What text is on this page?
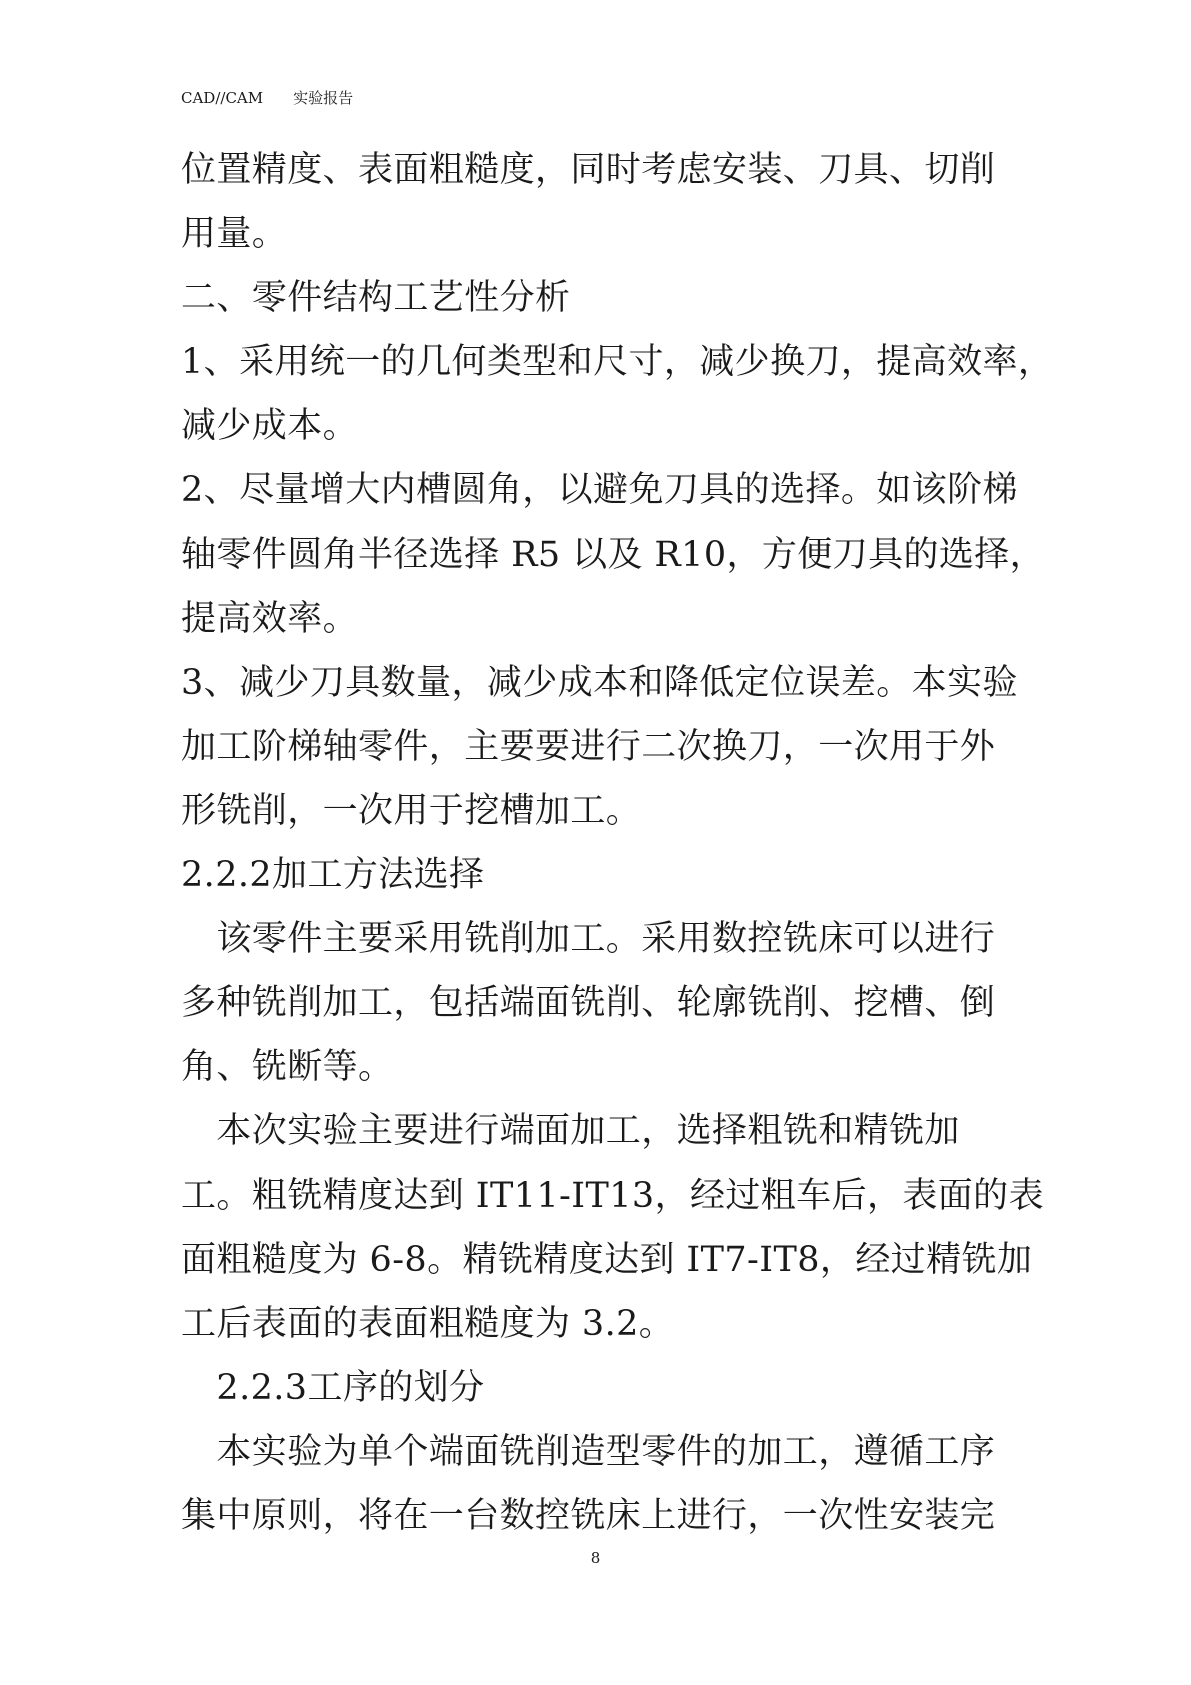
CAD//CAM　　实验报告
位置精度、表面粗糙度，同时考虑安装、刀具、切削
用量。
二、零件结构工艺性分析
1、采用统一的几何类型和尺寸，减少换刀，提高效率，
减少成本。
2、尽量增大内槽圆角，以避免刀具的选择。如该阶梯
轴零件圆角半径选择 R5 以及 R10，方便刀具的选择，
提高效率。
3、减少刀具数量，减少成本和降低定位误差。本实验
加工阶梯轴零件，主要要进行二次换刀，一次用于外
形铣削，一次用于挖槽加工。
2.2.2加工方法选择
　该零件主要采用铣削加工。采用数控铣床可以进行
多种铣削加工，包括端面铣削、轮廓铣削、挖槽、倒
角、铣断等。
　本次实验主要进行端面加工，选择粗铣和精铣加
工。粗铣精度达到 IT11-IT13，经过粗车后，表面的表
面粗糙度为 6-8。精铣精度达到 IT7-IT8，经过精铣加
工后表面的表面粗糙度为 3.2。
　2.2.3工序的划分
　本实验为单个端面铣削造型零件的加工，遵循工序
集中原则，将在一台数控铣床上进行，一次性安装完
8
